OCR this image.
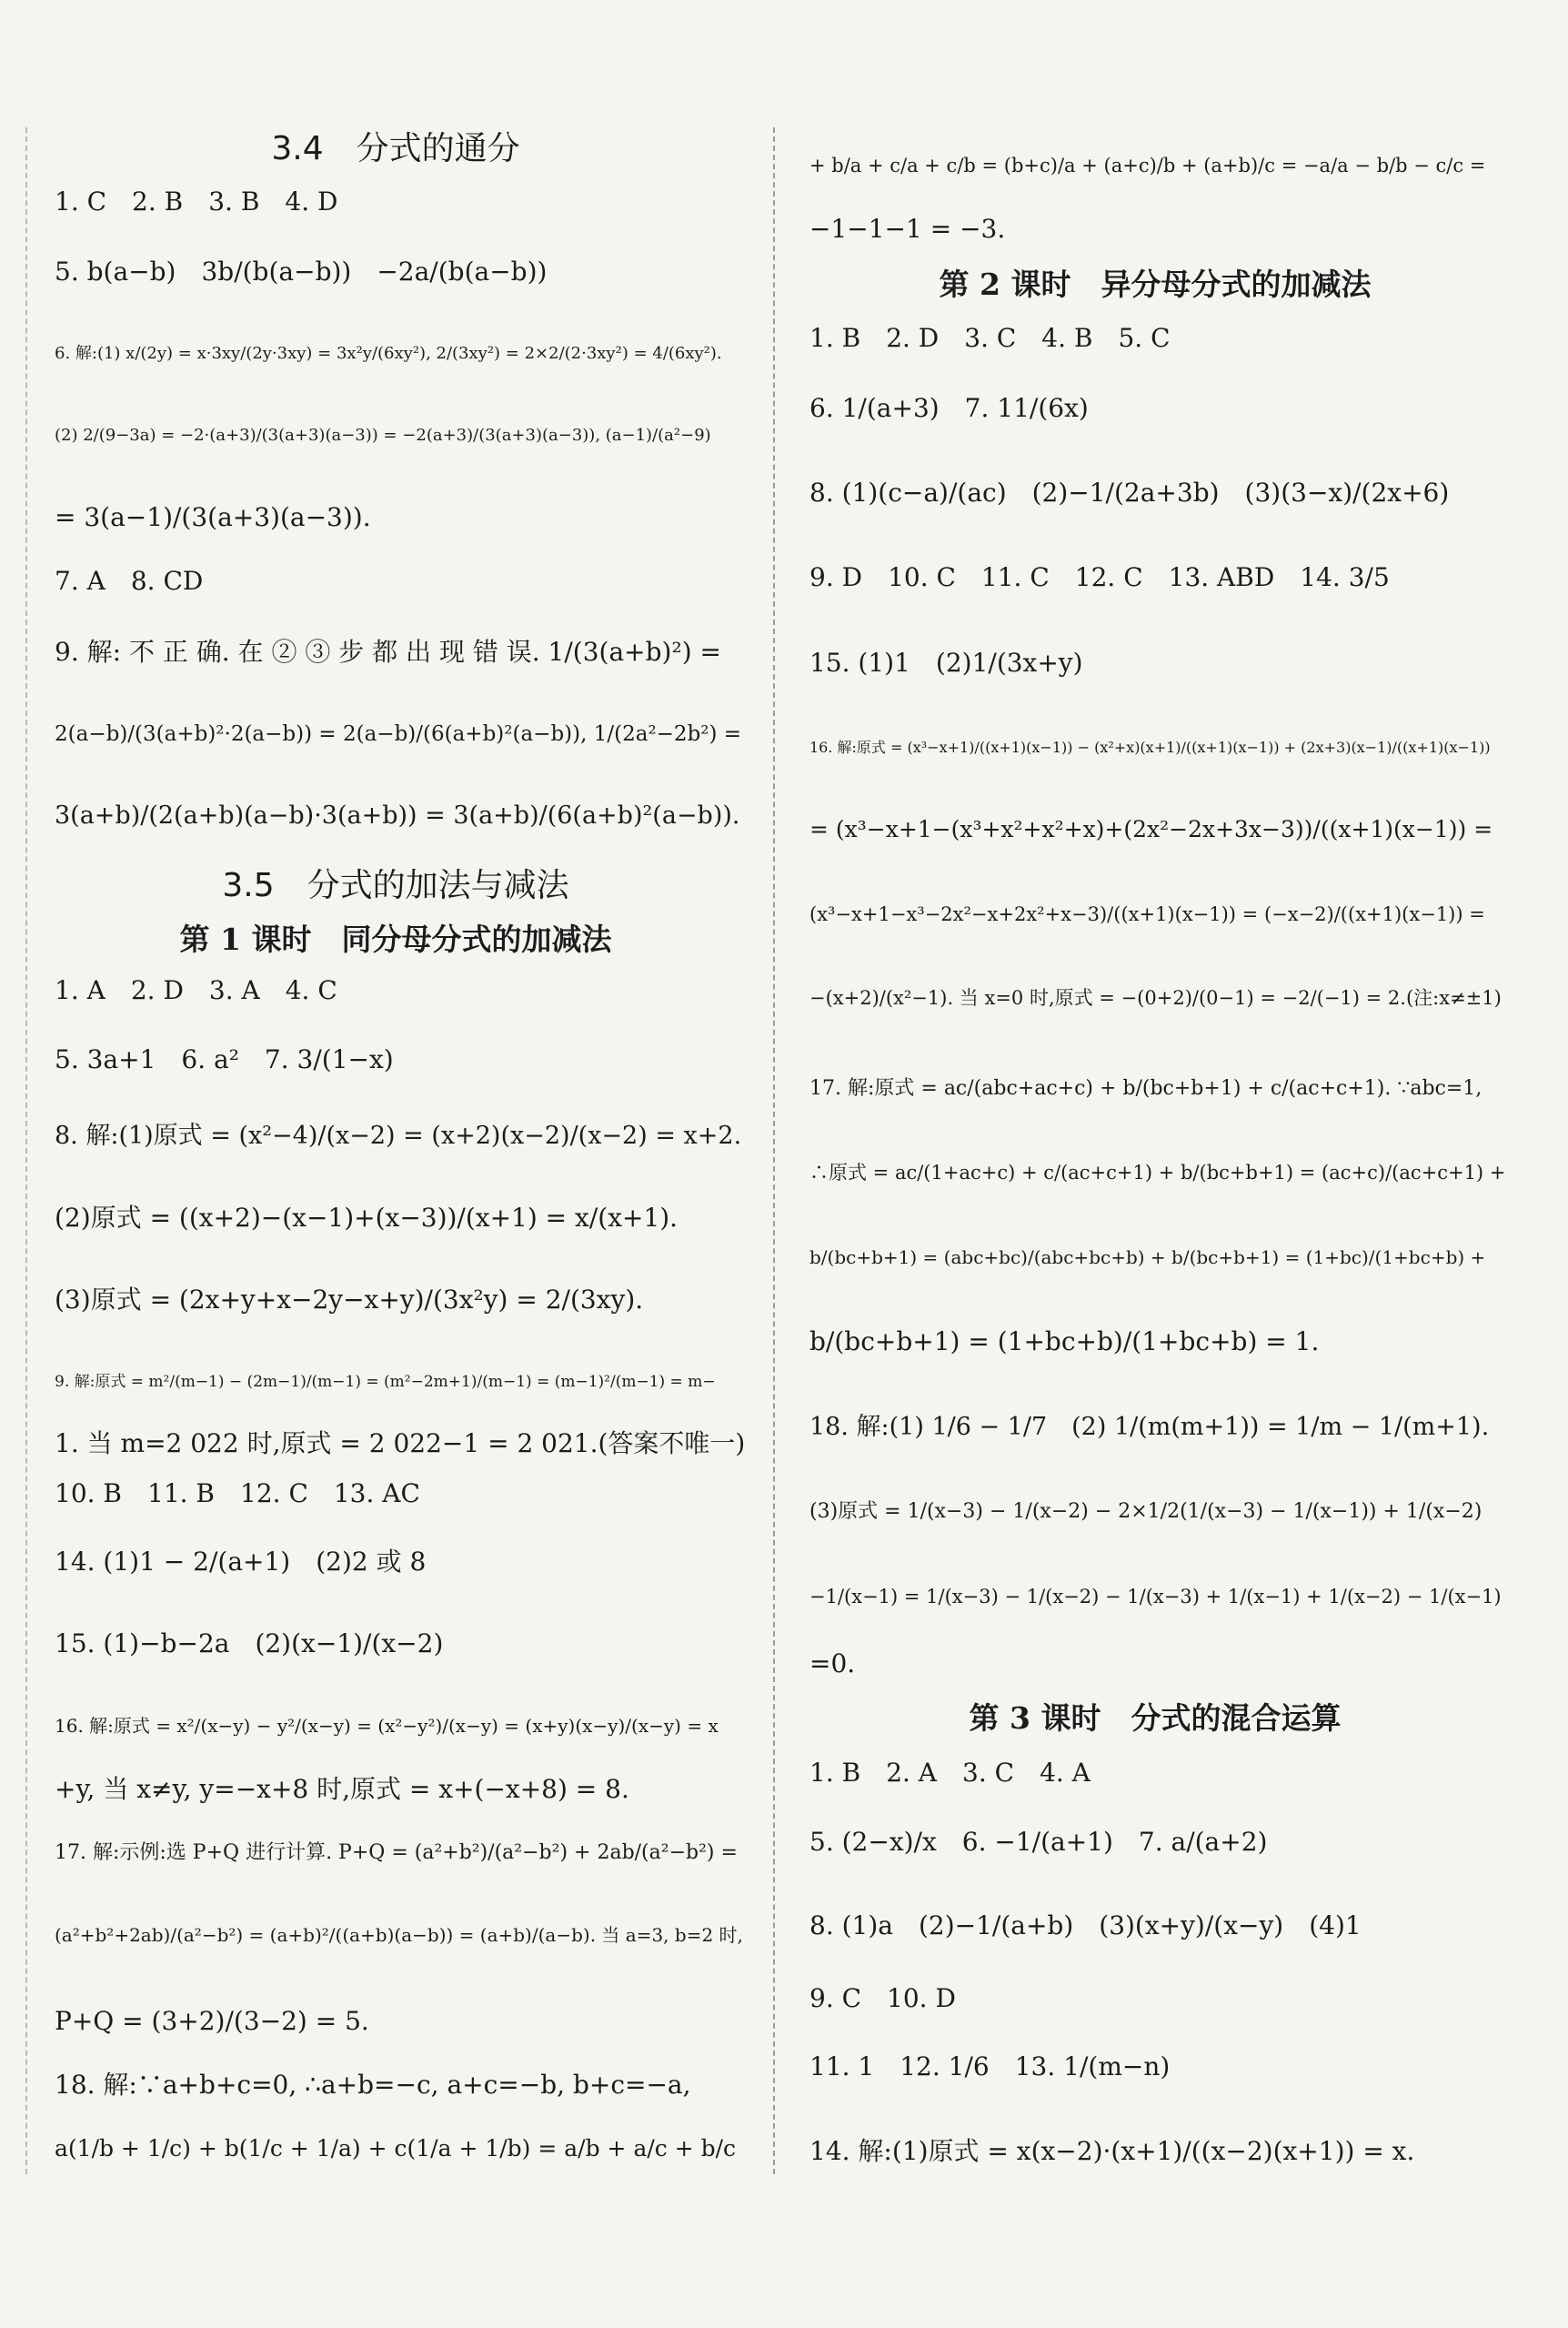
3.4　分式的通分
1. C　2. B　3. B　4. D
5. b(a−b)　3b/(b(a−b))　−2a/(b(a−b))
6. 解:(1) x/(2y) = x·3xy/(2y·3xy) = 3x²y/(6xy²), 2/(3xy²) = 2×2/(2·3xy²) = 4/(6xy²).
(2) 2/(9−3a) = −2·(a+3)/(3(a+3)(a−3)) = −2(a+3)/(3(a+3)(a−3)), (a−1)/(a²−9)
= 3(a−1)/(3(a+3)(a−3)).
7. A　8. CD
9. 解: 不 正 确. 在 ② ③ 步 都 出 现 错 误. 1/(3(a+b)²) =
2(a−b)/(3(a+b)²·2(a−b)) = 2(a−b)/(6(a+b)²(a−b)), 1/(2a²−2b²) =
3(a+b)/(2(a+b)(a−b)·3(a+b)) = 3(a+b)/(6(a+b)²(a−b)).
3.5　分式的加法与减法
第 1 课时　同分母分式的加减法
1. A　2. D　3. A　4. C
5. 3a+1　6. a²　7. 3/(1−x)
8. 解:(1)原式 = (x²−4)/(x−2) = (x+2)(x−2)/(x−2) = x+2.
(2)原式 = ((x+2)−(x−1)+(x−3))/(x+1) = x/(x+1).
(3)原式 = (2x+y+x−2y−x+y)/(3x²y) = 2/(3xy).
9. 解:原式 = m²/(m−1) − (2m−1)/(m−1) = (m²−2m+1)/(m−1) = (m−1)²/(m−1) = m−
1. 当 m=2 022 时,原式 = 2 022−1 = 2 021.(答案不唯一)
10. B　11. B　12. C　13. AC
14. (1)1 − 2/(a+1)　(2)2 或 8
15. (1)−b−2a　(2)(x−1)/(x−2)
16. 解:原式 = x²/(x−y) − y²/(x−y) = (x²−y²)/(x−y) = (x+y)(x−y)/(x−y) = x
+y, 当 x≠y, y=−x+8 时,原式 = x+(−x+8) = 8.
17. 解:示例:选 P+Q 进行计算. P+Q = (a²+b²)/(a²−b²) + 2ab/(a²−b²) =
(a²+b²+2ab)/(a²−b²) = (a+b)²/((a+b)(a−b)) = (a+b)/(a−b). 当 a=3, b=2 时,
P+Q = (3+2)/(3−2) = 5.
18. 解:∵a+b+c=0, ∴a+b=−c, a+c=−b, b+c=−a,
a(1/b + 1/c) + b(1/c + 1/a) + c(1/a + 1/b) = a/b + a/c + b/c
+ b/a + c/a + c/b = (b+c)/a + (a+c)/b + (a+b)/c = −a/a − b/b − c/c =
−1−1−1 = −3.
第 2 课时　异分母分式的加减法
1. B　2. D　3. C　4. B　5. C
6. 1/(a+3)　7. 11/(6x)
8. (1)(c−a)/(ac)　(2)−1/(2a+3b)　(3)(3−x)/(2x+6)
9. D　10. C　11. C　12. C　13. ABD　14. 3/5
15. (1)1　(2)1/(3x+y)
16. 解:原式 = (x³−x+1)/((x+1)(x−1)) − (x²+x)(x+1)/((x+1)(x−1)) + (2x+3)(x−1)/((x+1)(x−1))
= (x³−x+1−(x³+x²+x²+x)+(2x²−2x+3x−3))/((x+1)(x−1)) =
(x³−x+1−x³−2x²−x+2x²+x−3)/((x+1)(x−1)) = (−x−2)/((x+1)(x−1)) =
−(x+2)/(x²−1). 当 x=0 时,原式 = −(0+2)/(0−1) = −2/(−1) = 2.(注:x≠±1)
17. 解:原式 = ac/(abc+ac+c) + b/(bc+b+1) + c/(ac+c+1). ∵abc=1,
∴原式 = ac/(1+ac+c) + c/(ac+c+1) + b/(bc+b+1) = (ac+c)/(ac+c+1) +
b/(bc+b+1) = (abc+bc)/(abc+bc+b) + b/(bc+b+1) = (1+bc)/(1+bc+b) +
b/(bc+b+1) = (1+bc+b)/(1+bc+b) = 1.
18. 解:(1) 1/6 − 1/7　(2) 1/(m(m+1)) = 1/m − 1/(m+1).
(3)原式 = 1/(x−3) − 1/(x−2) − 2×1/2(1/(x−3) − 1/(x−1)) + 1/(x−2)
−1/(x−1) = 1/(x−3) − 1/(x−2) − 1/(x−3) + 1/(x−1) + 1/(x−2) − 1/(x−1)
=0.
第 3 课时　分式的混合运算
1. B　2. A　3. C　4. A
5. (2−x)/x　6. −1/(a+1)　7. a/(a+2)
8. (1)a　(2)−1/(a+b)　(3)(x+y)/(x−y)　(4)1
9. C　10. D
11. 1　12. 1/6　13. 1/(m−n)
14. 解:(1)原式 = x(x−2)·(x+1)/((x−2)(x+1)) = x.
